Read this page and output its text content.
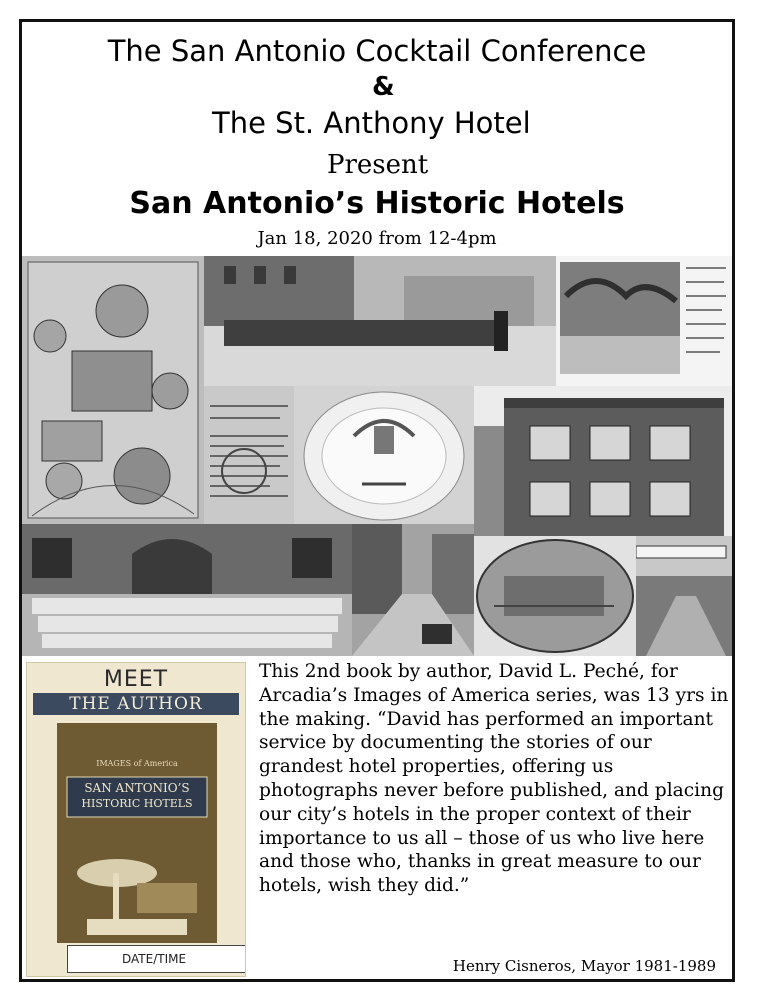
The San Antonio Cocktail Conference
&
The St. Anthony Hotel
Present
San Antonio’s Historic Hotels
Jan 18, 2020 from 12-4pm
MEET
THE AUTHOR
IMAGES of America
SAN ANTONIO’S
HISTORIC HOTELS
DATE/TIME

This 2nd book by author, David L. Peché, for Arcadia’s Images of America series, was 13 yrs in the making. “David has performed an important service by documenting the stories of our grandest hotel properties, offering us photographs never before published, and placing our city’s hotels in the proper context of their importance to us all – those of us who live here and those who, thanks in great measure to our hotels, wish they did.”

Henry Cisneros, Mayor 1981-1989
